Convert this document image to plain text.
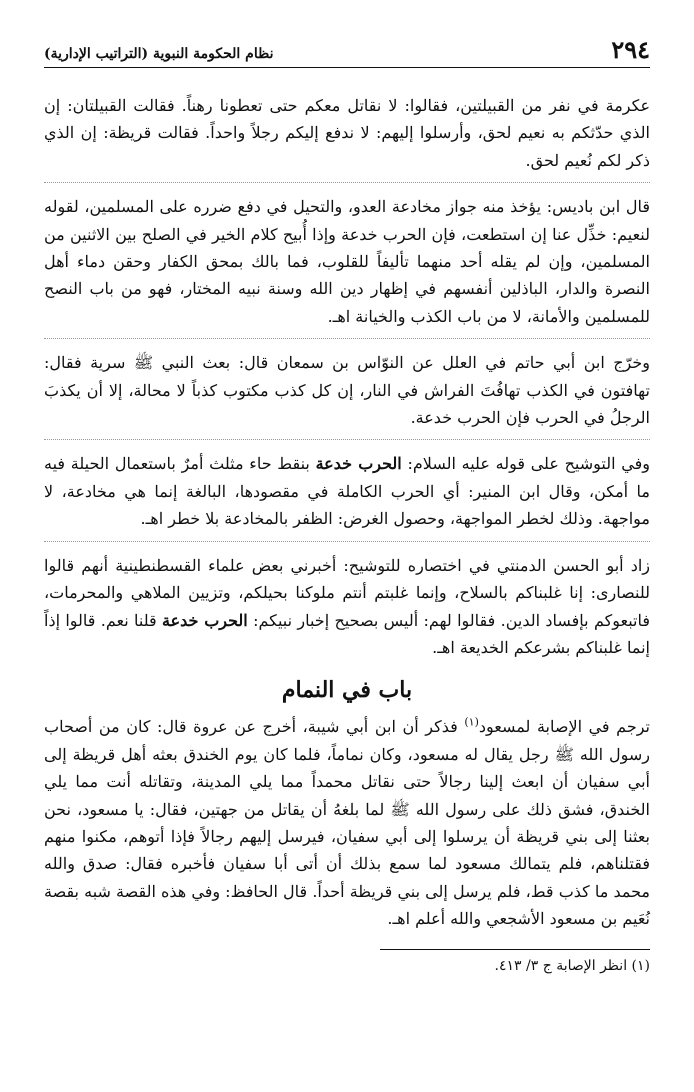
٢٩٤
نظام الحكومة النبوية (التراتيب الإدارية)

عكرمة في نفر من القبيلتين، فقالوا: لا نقاتل معكم حتى تعطونا رهناً. فقالت القبيلتان: إن الذي حدّثكم به نعيم لحق، وأرسلوا إليهم: لا ندفع إليكم رجلاً واحداً. فقالت قريظة: إن الذي ذكر لكم نُعيم لحق.

قال ابن باديس: يؤخذ منه جواز مخادعة العدو، والتحيل في دفع ضرره على المسلمين، لقوله لنعيم: خذِّل عنا إن استطعت، فإن الحرب خدعة وإذا أُبيح كلام الخير في الصلح بين الاثنين من المسلمين، وإن لم يقله أحد منهما تأليفاً للقلوب، فما بالك بمحق الكفار وحقن دماء أهل النصرة والدار، الباذلين أنفسهم في إظهار دين الله وسنة نبيه المختار، فهو من باب النصح للمسلمين والأمانة، لا من باب الكذب والخيانة اهـ.

وخرّج ابن أبي حاتم في العلل عن النوّاس بن سمعان قال: بعث النبي ﷺ سرية فقال: تهافتون في الكذب تهافُتَ الفراش في النار، إن كل كذب مكتوب كذباً لا محالة، إلا أن يكذبَ الرجلُ في الحرب فإن الحرب خدعة.

وفي التوشيح على قوله عليه السلام: الحرب خدعة بنقط حاء مثلث أمرٌ باستعمال الحيلة فيه ما أمكن، وقال ابن المنير: أي الحرب الكاملة في مقصودها، البالغة إنما هي مخادعة، لا مواجهة. وذلك لخطر المواجهة، وحصول الغرض: الظفر بالمخادعة بلا خطر اهـ.

زاد أبو الحسن الدمنتي في اختصاره للتوشيح: أخبرني بعض علماء القسطنطينية أنهم قالوا للنصارى: إنا غلبناكم بالسلاح، وإنما غلبتم أنتم ملوكنا بحيلكم، وتزيين الملاهي والمحرمات، فاتبعوكم بإفساد الدين. فقالوا لهم: أليس بصحيح إخبار نبيكم: الحرب خدعة قلنا نعم. قالوا إذاً إنما غلبناكم بشرعكم الخديعة اهـ.

باب في النمام

ترجم في الإصابة لمسعود$^{(١)}$ فذكر أن ابن أبي شيبة، أخرج عن عروة قال: كان من أصحاب رسول الله ﷺ رجل يقال له مسعود، وكان نماماً، فلما كان يوم الخندق بعثه أهل قريظة إلى أبي سفيان أن ابعث إلينا رجالاً حتى نقاتل محمداً مما يلي المدينة، وتقاتله أنت مما يلي الخندق، فشق ذلك على رسول الله ﷺ لما بلغهُ أن يقاتل من جهتين، فقال: يا مسعود، نحن بعثنا إلى بني قريظة أن يرسلوا إلى أبي سفيان، فيرسل إليهم رجالاً فإذا أتوهم، مكنوا منهم فقتلناهم، فلم يتمالك مسعود لما سمع بذلك أن أتى أبا سفيان فأخبره فقال: صدق والله محمد ما كذب قط، فلم يرسل إلى بني قريظة أحداً. قال الحافظ: وفي هذه القصة شبه بقصة نُعَيم بن مسعود الأشجعي والله أعلم اهـ.

(١) انظر الإصابة ج ٣/ ٤١٣.
